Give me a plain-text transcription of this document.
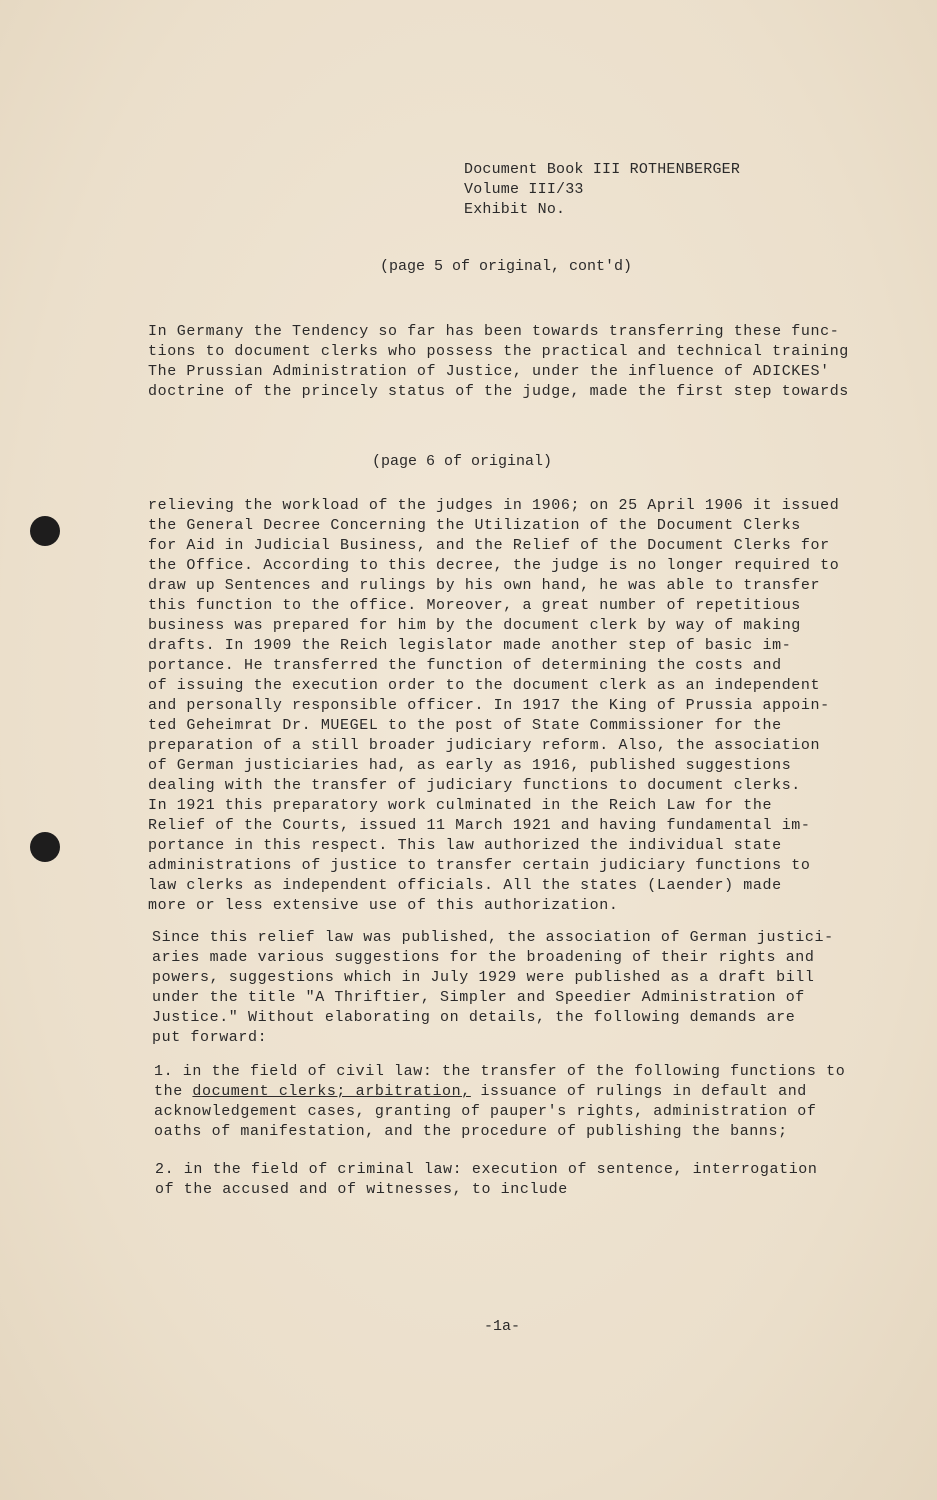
Document Book III ROTHENBERGER
Volume III/33
Exhibit No.
(page 5 of original, cont'd)
In Germany the Tendency so far has been towards transferring these func-
tions to document clerks who possess the practical and technical training
The Prussian Administration of Justice, under the influence of ADICKES'
doctrine of the princely status of the judge, made the first step towards
(page 6 of original)
relieving the workload of the judges in 1906; on 25 April 1906 it issued
the General Decree Concerning the Utilization of the Document Clerks
for Aid in Judicial Business, and the Relief of the Document Clerks for
the Office. According to this decree, the judge is no longer required to
draw up Sentences and rulings by his own hand, he was able to transfer
this function to the office. Moreover, a great number of repetitious
business was prepared for him by the document clerk by way of making
drafts. In 1909 the Reich legislator made another step of basic im-
portance. He transferred the function of determining the costs and
of issuing the execution order to the document clerk as an independent
and personally responsible officer. In 1917 the King of Prussia appoin-
ted Geheimrat Dr. MUEGEL to the post of State Commissioner for the
preparation of a still broader judiciary reform. Also, the association
of German justiciaries had, as early as 1916, published suggestions
dealing with the transfer of judiciary functions to document clerks.
In 1921 this preparatory work culminated in the Reich Law for the
Relief of the Courts, issued 11 March 1921 and having fundamental im-
portance in this respect. This law authorized the individual state
administrations of justice to transfer certain judiciary functions to
law clerks as independent officials. All the states (Laender) made
more or less extensive use of this authorization.
Since this relief law was published, the association of German justici-
aries made various suggestions for the broadening of their rights and
powers, suggestions which in July 1929 were published as a draft bill
under the title "A Thriftier, Simpler and Speedier Administration of
Justice." Without elaborating on details, the following demands are
put forward:
1. in the field of civil law: the transfer of the following functions to
the document clerks; arbitration, issuance of rulings in default and
acknowledgement cases, granting of pauper's rights, administration of
oaths of manifestation, and the procedure of publishing the banns;
2. in the field of criminal law: execution of sentence, interrogation
of the accused and of witnesses, to include
-1a-
